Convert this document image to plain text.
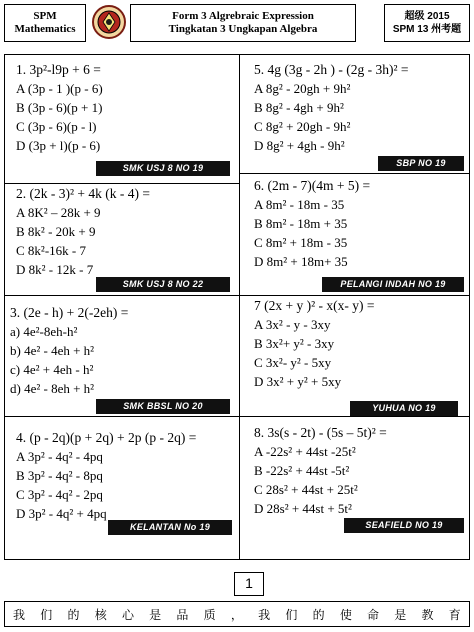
SPM
Mathematics
Form 3 Algrebraic Expression
Tingkatan 3 Ungkapan Algebra
超级 2015
SPM 13 州考题
1. 3p²-l9p + 6 =
A (3p - 1 )(p - 6)
B (3p - 6)(p + 1)
C (3p - 6)(p - l)
D (3p + l)(p - 6)
SMK USJ 8 NO 19
5. 4g (3g - 2h ) - (2g - 3h)² =
A 8g² - 20gh + 9h²
B 8g² - 4gh + 9h²
C 8g² + 20gh - 9h²
D 8g² + 4gh - 9h²
SBP NO 19
2. (2k - 3)² + 4k (k - 4) =
A 8K² – 28k + 9
B 8k² - 20k + 9
C 8k²-16k - 7
D 8k² - 12k - 7
SMK USJ 8 NO 22
6. (2m - 7)(4m + 5) =
A 8m² - 18m - 35
B 8m² - 18m + 35
C 8m² + 18m - 35
D 8m² + 18m+ 35
PELANGI INDAH NO 19
3. (2e - h) + 2(-2eh) =
a) 4e²-8eh-h²
b) 4e² - 4eh + h²
c) 4e² + 4eh - h²
d) 4e² - 8eh + h²
SMK BBSL NO 20
7 (2x + y )² - x(x- y) =
A 3x² - y - 3xy
B 3x²+ y² - 3xy
C 3x²- y² - 5xy
D 3x² + y² + 5xy
YUHUA NO 19
4. (p - 2q)(p + 2q) + 2p (p - 2q) =
A 3p² - 4q² - 4pq
B 3p² - 4q² - 8pq
C 3p² - 4q² - 2pq
D 3p² - 4q² + 4pq
KELANTAN No 19
8. 3s(s - 2t) - (5s – 5t)² =
A -22s² + 44st -25t²
B -22s² + 44st -5t²
C 28s² + 44st + 25t²
D 28s² + 44st + 5t²
SEAFIELD NO 19
1
我 们 的 核 心 是 品 质 ， 我 们 的 使 命 是 教 育
